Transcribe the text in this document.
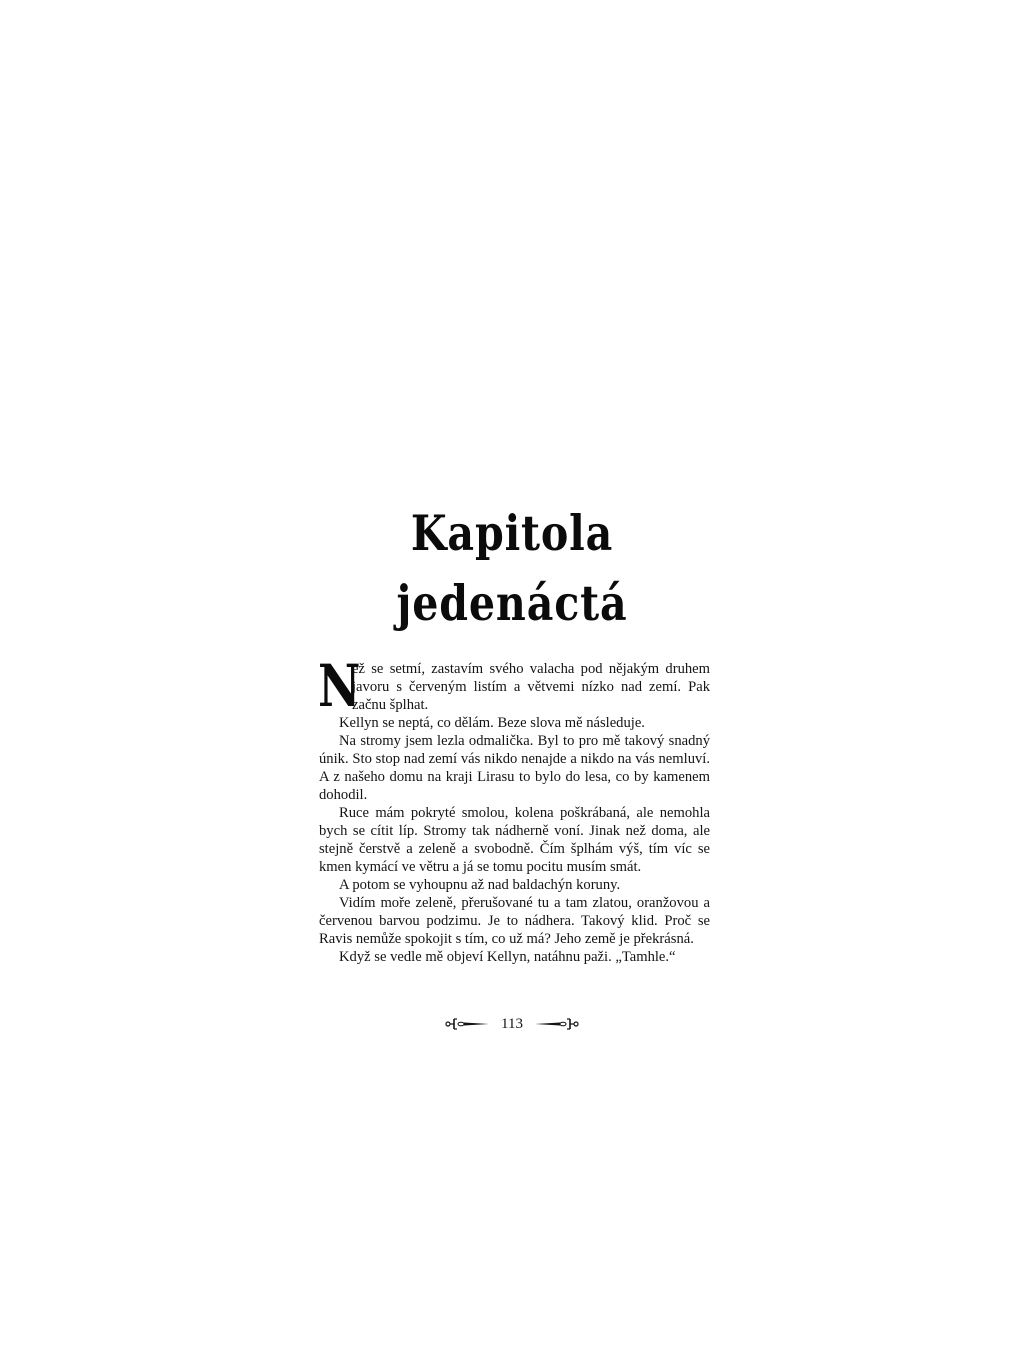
Kapitola jedenáctá

N
ež se setmí, zastavím svého valacha pod nějakým druhem javoru s červeným listím a větvemi nízko nad zemí. Pak začnu šplhat.

Kellyn se neptá, co dělám. Beze slova mě následuje.

Na stromy jsem lezla odmalička. Byl to pro mě takový snadný únik. Sto stop nad zemí vás nikdo nenajde a nikdo na vás nemluví. A z našeho domu na kraji Lirasu to bylo do lesa, co by kamenem dohodil.

Ruce mám pokryté smolou, kolena poškrábaná, ale nemohla bych se cítit líp. Stromy tak nádherně voní. Jinak než doma, ale stejně čerstvě a zeleně a svobodně. Čím šplhám výš, tím víc se kmen kymácí ve větru a já se tomu pocitu musím smát.

A potom se vyhoupnu až nad baldachýn koruny.

Vidím moře zeleně, přerušované tu a tam zlatou, oranžovou a červenou barvou podzimu. Je to nádhera. Takový klid. Proč se Ravis nemůže spokojit s tím, co už má? Jeho země je překrásná.

Když se vedle mě objeví Kellyn, natáhnu paži. „Tamhle.“

113
